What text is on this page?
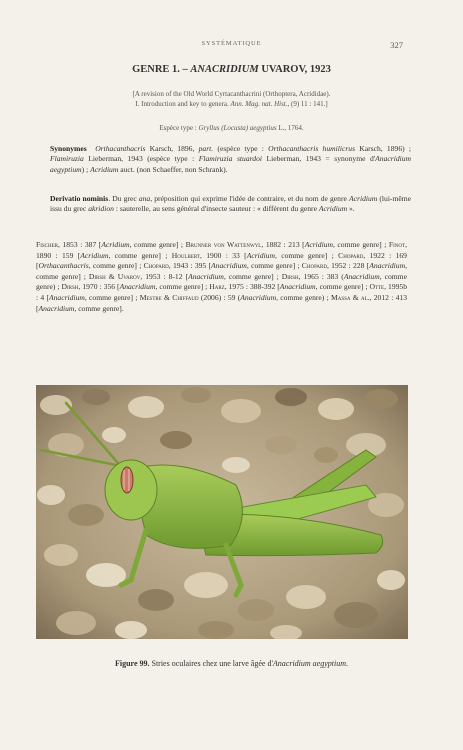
SYSTÉMATIQUE	327
GENRE 1. – ANACRIDIUM UVAROV, 1923
[A revision of the Old World Cyrtacanthacrini (Orthoptera, Acrididae).
I. Introduction and key to genera. Ann. Mag. nat. Hist., (9) 11 : 141.]
Espèce type : Gryllus (Locusta) aegyptius L., 1764.
Synonymes Orthacanthacris Karsch, 1896, part. (espèce type : Orthacanthacris humilicrus Karsch, 1896) ; Flamiruzia Lieberman, 1943 (espèce type : Flamiruzia stuardoi Lieberman, 1943 = synonyme d'Anacridium aegyptium) ; Acridium auct. (non Schaeffer, non Schrank).
Derivatio nominis. Du grec ana, préposition qui exprime l'idée de contraire, et du nom de genre Acridium (lui-même issu du grec akridion : sauterelle, au sens général d'insecte sauteur : « différent du genre Acridium ».
Fischer, 1853 : 387 [Acridium, comme genre] ; Brunner von Wattenwyl, 1882 : 213 [Acridium, comme genre] ; Finot, 1890 : 159 [Acridium, comme genre] ; Houlbert, 1900 : 33 [Acridium, comme genre] ; Chopard, 1922 : 169 [Orthacanthacris, comme genre] ; Chopard, 1943 : 395 [Anacridium, comme genre] ; Chopard, 1952 : 228 [Anacridium, comme genre] ; Dirsh & Uvarov, 1953 : 8-12 [Anacridium, comme genre] ; Dirsh, 1965 : 383 (Anacridium, comme genre) ; Dirsh, 1970 : 356 [Anacridium, comme genre] ; Harz, 1975 : 388-392 [Anacridium, comme genre] ; Otte, 1995b : 4 [Anacridium, comme genre] ; Mestre & Chiffaud (2006) : 59 (Anacridium, comme genre) ; Massa & al., 2012 : 413 [Anacridium, comme genre].
Figure 99. Stries oculaires chez une larve âgée d'Anacridium aegyptium.
